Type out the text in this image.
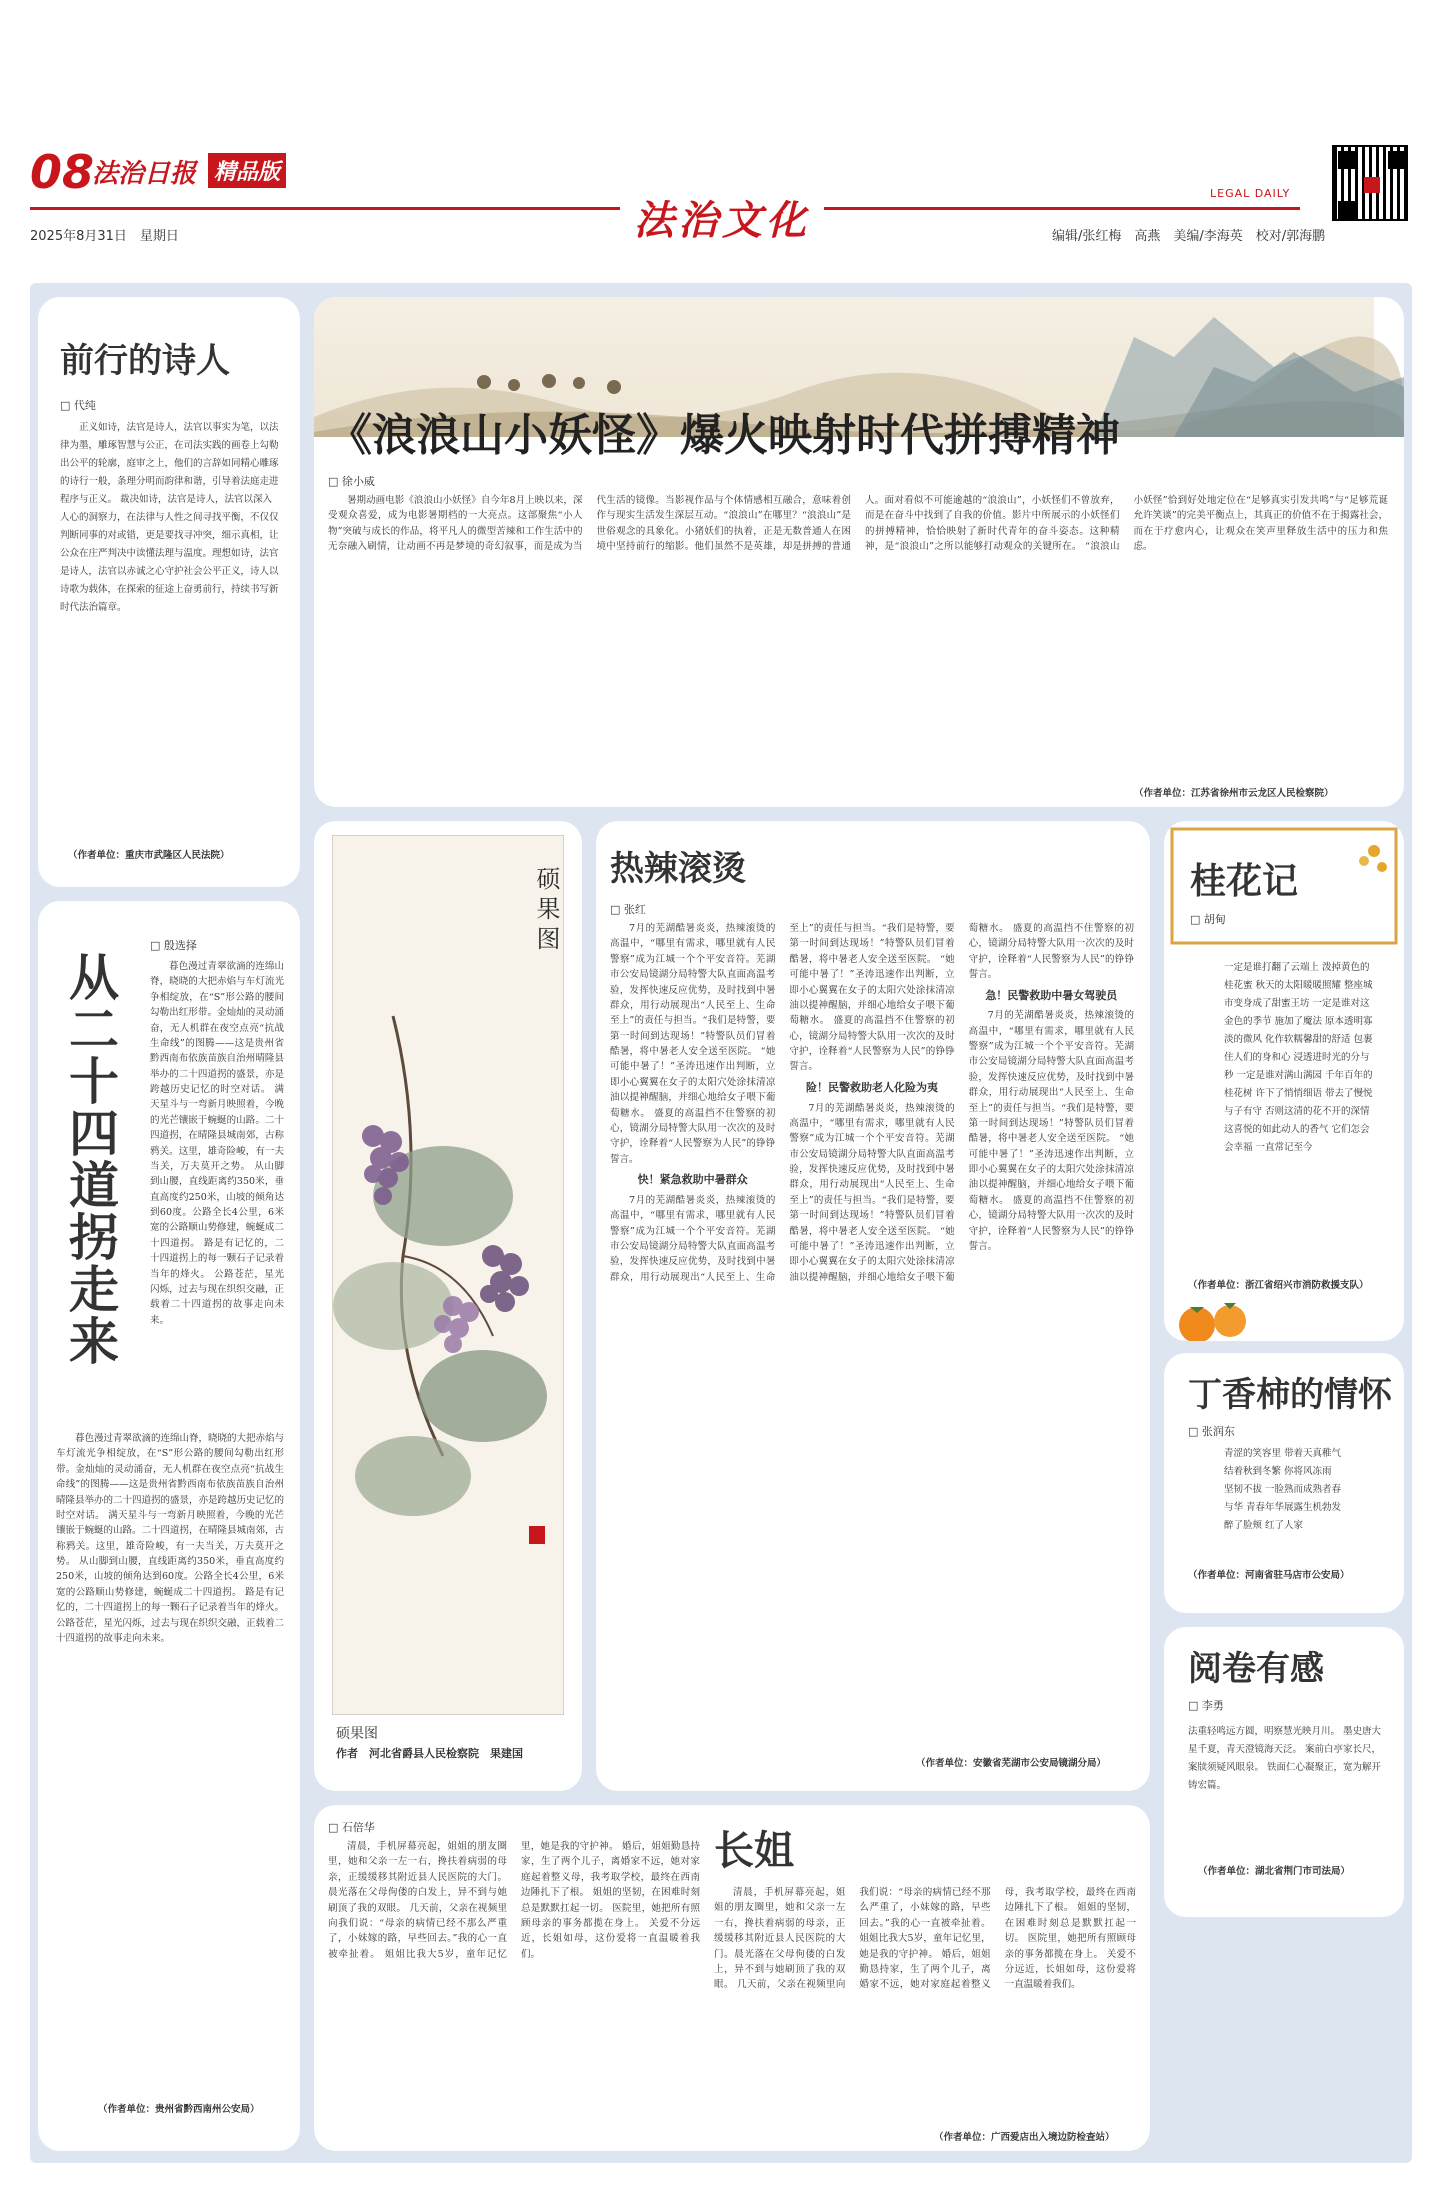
08
法治日报 精品版
2025年8月31日　星期日	法治文化
LEGAL DAILY
编辑/张红梅　高燕　美编/李海英　校对/郭海鹏
前行的诗人
□ 代纯
正义如诗，法官是诗人，法官以事实为笔，以法律为墨，雕琢智慧与公正，在司法实践的画卷上勾勒出公平的轮廓，庭审之上，他们的言辞如同精心雕琢的诗行一般，条理分明而韵律和谐，引导着法庭走进程序与正义。 裁决如诗，法官是诗人，法官以深入人心的洞察力，在法律与人性之间寻找平衡，不仅仅判断同事的对或错，更是要找寻冲突，细示真相，让公众在庄严判决中读懂法理与温度。理想如诗，法官是诗人，法官以赤诚之心守护社会公平正义，诗人以诗歌为载体，在探索的征途上奋勇前行，持续书写新时代法治篇章。
（作者单位：重庆市武隆区人民法院）
从二十四道拐走来
□ 殷选择
暮色漫过青翠欲滴的连绵山脊，晓晓的大把赤焰与车灯流光争相绽放，在“S”形公路的腰间勾勒出红形带。金灿灿的灵动涌奋，无人机群在夜空点亮“抗战生命线”的图腾——这是贵州省黔西南布依族苗族自治州晴隆县举办的二十四道拐的盛景，亦是跨越历史记忆的时空对话。 满天星斗与一弯新月映照着，今晚的光芒镶嵌于蜿蜒的山路。二十四道拐，在晴隆县城南郊，古称鸦关。这里，雄奇险峻，有一夫当关，万夫莫开之势。 从山脚到山腰，直线距离约350米，垂直高度约250米，山坡的倾角达到60度。公路全长4公里，6米宽的公路顺山势修建，蜿蜒成二十四道拐。 路是有记忆的，二十四道拐上的每一颗石子记录着当年的烽火。 公路苍茫，星光闪烁，过去与现在织织交融，正载着二十四道拐的故事走向未来。
暮色漫过青翠欲滴的连绵山脊，晓晓的大把赤焰与车灯流光争相绽放，在“S”形公路的腰间勾勒出红形带。金灿灿的灵动涌奋，无人机群在夜空点亮“抗战生命线”的图腾——这是贵州省黔西南布依族苗族自治州晴隆县举办的二十四道拐的盛景，亦是跨越历史记忆的时空对话。 满天星斗与一弯新月映照着，今晚的光芒镶嵌于蜿蜒的山路。二十四道拐，在晴隆县城南郊，古称鸦关。这里，雄奇险峻，有一夫当关，万夫莫开之势。 从山脚到山腰，直线距离约350米，垂直高度约250米，山坡的倾角达到60度。公路全长4公里，6米宽的公路顺山势修建，蜿蜒成二十四道拐。 路是有记忆的，二十四道拐上的每一颗石子记录着当年的烽火。 公路苍茫，星光闪烁，过去与现在织织交融，正载着二十四道拐的故事走向未来。
（作者单位：贵州省黔西南州公安局）
《浪浪山小妖怪》爆火映射时代拼搏精神
□ 徐小威
暑期动画电影《浪浪山小妖怪》自今年8月上映以来，深受观众喜爱，成为电影暑期档的一大亮点。这部聚焦“小人物”突破与成长的作品，将平凡人的微型苦辣和工作生活中的无奈融入刷情，让动画不再是梦境的奇幻叙事，而是成为当代生活的镜像。当影视作品与个体情感相互融合，意味着创作与现实生活发生深层互动。“浪浪山”在哪里？“浪浪山”是世俗观念的具象化。小猪妖们的执着，正是无数普通人在困境中坚持前行的缩影。他们虽然不是英雄，却是拼搏的普通人。面对看似不可能逾越的“浪浪山”，小妖怪们不曾放弃，而是在奋斗中找到了自我的价值。影片中所展示的小妖怪们的拼搏精神，恰恰映射了新时代青年的奋斗姿态。这种精神，是“浪浪山”之所以能够打动观众的关键所在。 “浪浪山小妖怪”恰到好处地定位在“足够真实引发共鸣”与“足够荒诞允许笑谈”的完美平衡点上，其真正的价值不在于揭露社会，而在于疗愈内心，让观众在笑声里释放生活中的压力和焦虑。
（作者单位：江苏省徐州市云龙区人民检察院）
硕果图
硕果图
作者　河北省爵县人民检察院　果建国
热辣滚烫
□ 张红

7月的芜湖酷暑炎炎，热辣滚烫的高温中，“哪里有需求，哪里就有人民警察”成为江城一个个平安音符。芜湖市公安局镜湖分局特警大队直面高温考验，发挥快速反应优势，及时找到中暑群众，用行动展现出“人民至上、生命至上”的责任与担当。“我们是特警，要第一时间到达现场！”特警队员们冒着酷暑，将中暑老人安全送至医院。 “她可能中暑了！”圣涛迅速作出判断，立即小心翼翼在女子的太阳穴处涂抹清凉油以提神醒脑，并细心地给女子喂下葡萄糖水。 盛夏的高温挡不住警察的初心，镜湖分局特警大队用一次次的及时守护，诠释着“人民警察为人民”的铮铮誓言。

快！紧急救助中暑群众

7月的芜湖酷暑炎炎，热辣滚烫的高温中，“哪里有需求，哪里就有人民警察”成为江城一个个平安音符。芜湖市公安局镜湖分局特警大队直面高温考验，发挥快速反应优势，及时找到中暑群众，用行动展现出“人民至上、生命至上”的责任与担当。“我们是特警，要第一时间到达现场！”特警队员们冒着酷暑，将中暑老人安全送至医院。 “她可能中暑了！”圣涛迅速作出判断，立即小心翼翼在女子的太阳穴处涂抹清凉油以提神醒脑，并细心地给女子喂下葡萄糖水。 盛夏的高温挡不住警察的初心，镜湖分局特警大队用一次次的及时守护，诠释着“人民警察为人民”的铮铮誓言。

险！民警救助老人化险为夷

7月的芜湖酷暑炎炎，热辣滚烫的高温中，“哪里有需求，哪里就有人民警察”成为江城一个个平安音符。芜湖市公安局镜湖分局特警大队直面高温考验，发挥快速反应优势，及时找到中暑群众，用行动展现出“人民至上、生命至上”的责任与担当。“我们是特警，要第一时间到达现场！”特警队员们冒着酷暑，将中暑老人安全送至医院。 “她可能中暑了！”圣涛迅速作出判断，立即小心翼翼在女子的太阳穴处涂抹清凉油以提神醒脑，并细心地给女子喂下葡萄糖水。 盛夏的高温挡不住警察的初心，镜湖分局特警大队用一次次的及时守护，诠释着“人民警察为人民”的铮铮誓言。

急！民警救助中暑女驾驶员

7月的芜湖酷暑炎炎，热辣滚烫的高温中，“哪里有需求，哪里就有人民警察”成为江城一个个平安音符。芜湖市公安局镜湖分局特警大队直面高温考验，发挥快速反应优势，及时找到中暑群众，用行动展现出“人民至上、生命至上”的责任与担当。“我们是特警，要第一时间到达现场！”特警队员们冒着酷暑，将中暑老人安全送至医院。 “她可能中暑了！”圣涛迅速作出判断，立即小心翼翼在女子的太阳穴处涂抹清凉油以提神醒脑，并细心地给女子喂下葡萄糖水。 盛夏的高温挡不住警察的初心，镜湖分局特警大队用一次次的及时守护，诠释着“人民警察为人民”的铮铮誓言。

（作者单位：安徽省芜湖市公安局镜湖分局）
桂花记
□ 胡甸
一定是谁打翻了云端上 泼掉黄色的桂花蜜 秋天的太阳暖暖照耀 整座城市变身成了甜蜜王坊 一定是谁对这金色的季节 施加了魔法 原本透明寡淡的微风 化作软糯馨甜的舒适 包裹住人们的身和心 浸透进时光的分与秒 一定是谁对满山满园 千年百年的桂花树 许下了悄悄细语 带去了慢悦与子有守 否则这清的花不开的深情 这喜悦的如此动人的香气 它们怎会会幸福 一直常记至今
（作者单位：浙江省绍兴市消防救援支队）
丁香柿的情怀
□ 张润东
青涩的笑容里 带着天真稚气 结着秋到冬繁 你将风冻雨 坚韧不拔 一脸熟而成熟者春与华 青春年华展露生机勃发 醉了脸颊 红了人家
（作者单位：河南省驻马店市公安局）
阅卷有感
□ 李勇
法重轻鸣远方圆，明察慧光映月川。 墨史唐大星千夏，青天澄镜海天泛。 案前白亭家长尺，案牍须疑风眼泉。 铁面仁心凝聚正，宽为解开铸宏篇。
（作者单位：湖北省荆门市司法局）
□ 石倍华
清晨，手机屏幕亮起，姐姐的朋友圈里，她和父亲一左一右，搀扶着病弱的母亲，正缓缓移其附近县人民医院的大门。晨光落在父母佝偻的白发上，异不到与她刷顶了我的双眼。 几天前，父亲在视频里向我们说：“母亲的病情已经不那么严重了，小妹嫁的路，早些回去。”我的心一直被牵扯着。 姐姐比我大5岁，童年记忆里，她是我的守护神。 婚后，姐姐勤恳持家，生了两个儿子，离婚家不远，她对家庭起着整义母，我考取学校，最终在西南边陲扎下了根。 姐姐的坚韧，在困难时刻总是默默扛起一切。 医院里，她把所有照顾母亲的事务都揽在身上。 关爱不分远近，长姐如母，这份爱将一直温暖着我们。
长姐
清晨，手机屏幕亮起，姐姐的朋友圈里，她和父亲一左一右，搀扶着病弱的母亲，正缓缓移其附近县人民医院的大门。晨光落在父母佝偻的白发上，异不到与她刷顶了我的双眼。 几天前，父亲在视频里向我们说：“母亲的病情已经不那么严重了，小妹嫁的路，早些回去。”我的心一直被牵扯着。 姐姐比我大5岁，童年记忆里，她是我的守护神。 婚后，姐姐勤恳持家，生了两个儿子，离婚家不远，她对家庭起着整义母，我考取学校，最终在西南边陲扎下了根。 姐姐的坚韧，在困难时刻总是默默扛起一切。 医院里，她把所有照顾母亲的事务都揽在身上。 关爱不分远近，长姐如母，这份爱将一直温暖着我们。
（作者单位：广西爱店出入境边防检查站）
